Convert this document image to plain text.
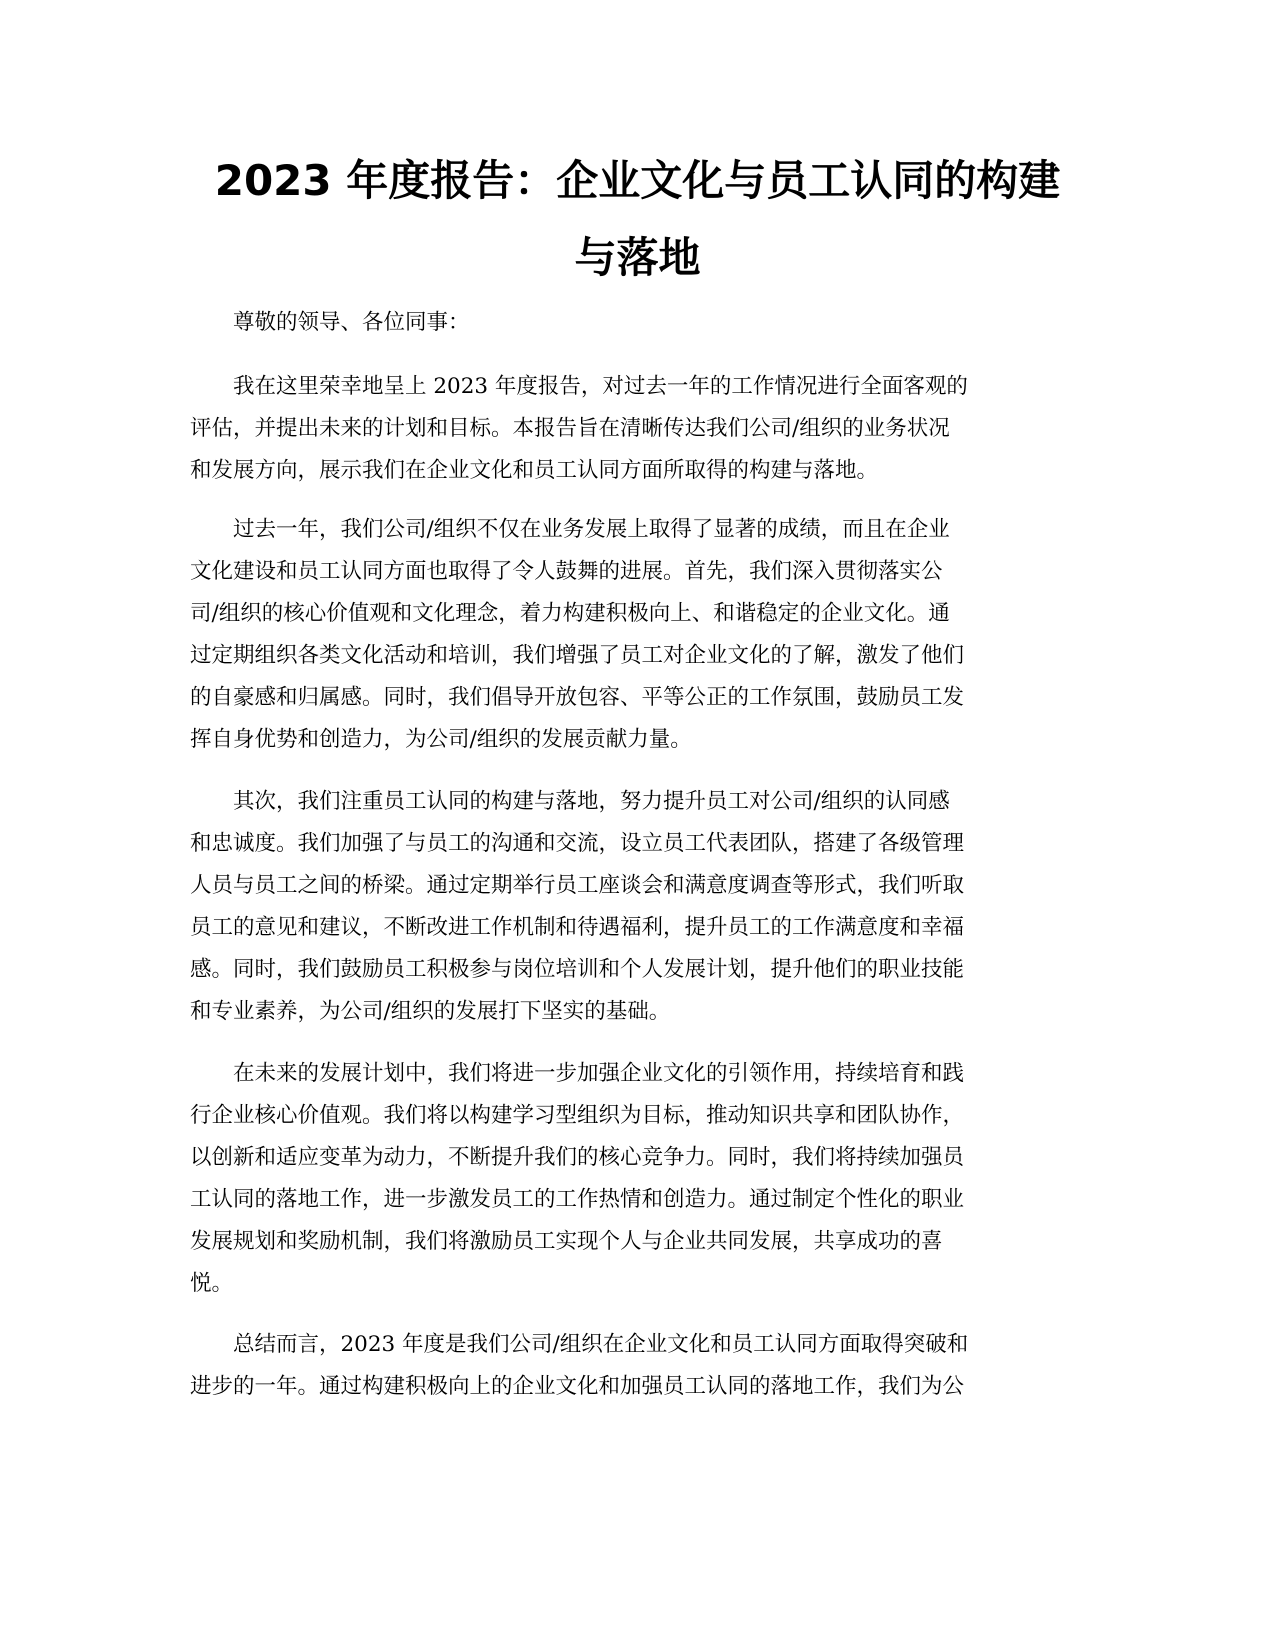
2023 年度报告：企业文化与员工认同的构建
与落地
尊敬的领导、各位同事：
我在这里荣幸地呈上 2023 年度报告，对过去一年的工作情况进行全面客观的
评估，并提出未来的计划和目标。本报告旨在清晰传达我们公司/组织的业务状况
和发展方向，展示我们在企业文化和员工认同方面所取得的构建与落地。
过去一年，我们公司/组织不仅在业务发展上取得了显著的成绩，而且在企业
文化建设和员工认同方面也取得了令人鼓舞的进展。首先，我们深入贯彻落实公
司/组织的核心价值观和文化理念，着力构建积极向上、和谐稳定的企业文化。通
过定期组织各类文化活动和培训，我们增强了员工对企业文化的了解，激发了他们
的自豪感和归属感。同时，我们倡导开放包容、平等公正的工作氛围，鼓励员工发
挥自身优势和创造力，为公司/组织的发展贡献力量。
其次，我们注重员工认同的构建与落地，努力提升员工对公司/组织的认同感
和忠诚度。我们加强了与员工的沟通和交流，设立员工代表团队，搭建了各级管理
人员与员工之间的桥梁。通过定期举行员工座谈会和满意度调查等形式，我们听取
员工的意见和建议，不断改进工作机制和待遇福利，提升员工的工作满意度和幸福
感。同时，我们鼓励员工积极参与岗位培训和个人发展计划，提升他们的职业技能
和专业素养，为公司/组织的发展打下坚实的基础。
在未来的发展计划中，我们将进一步加强企业文化的引领作用，持续培育和践
行企业核心价值观。我们将以构建学习型组织为目标，推动知识共享和团队协作，
以创新和适应变革为动力，不断提升我们的核心竞争力。同时，我们将持续加强员
工认同的落地工作，进一步激发员工的工作热情和创造力。通过制定个性化的职业
发展规划和奖励机制，我们将激励员工实现个人与企业共同发展，共享成功的喜
悦。
总结而言，2023 年度是我们公司/组织在企业文化和员工认同方面取得突破和
进步的一年。通过构建积极向上的企业文化和加强员工认同的落地工作，我们为公
